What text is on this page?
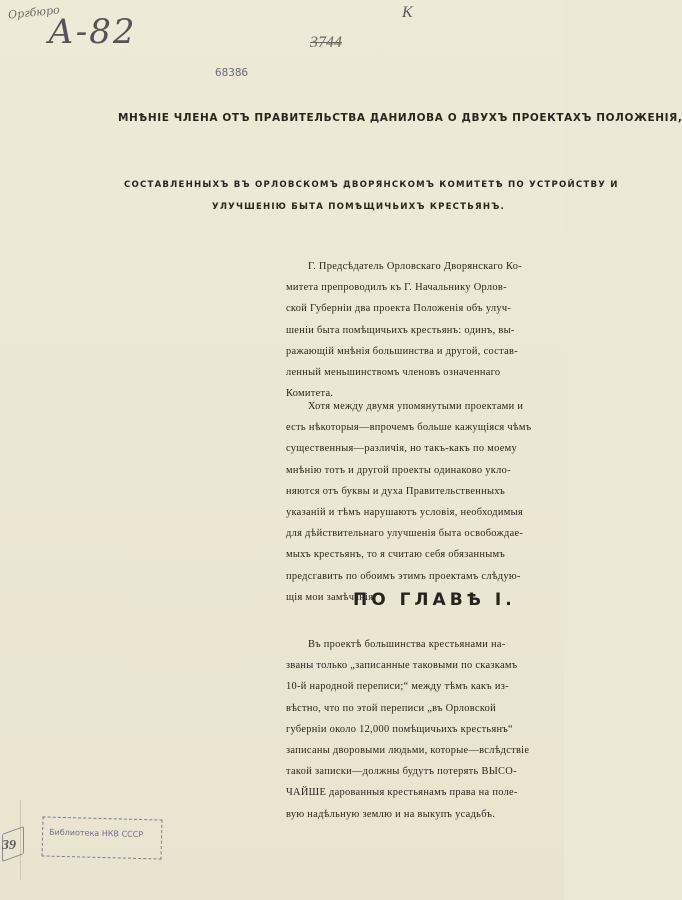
Оргбюро
А-82	К
3744
68386
МНѢНІЕ ЧЛЕНА ОТЪ ПРАВИТЕЛЬСТВА ДАНИЛОВА О ДВУХЪ ПРОЕКТАХЪ ПОЛОЖЕНІЯ,
СОСТАВЛЕННЫХЪ ВЪ ОРЛОВСКОМЪ ДВОРЯНСКОМЪ КОМИТЕТѢ ПО УСТРОЙСТВУ И
УЛУЧШЕНІЮ БЫТА ПОМѢЩИЧЬИХЪ КРЕСТЬЯНЪ.
Г. Предсѣдатель Орловскаго Дворянскаго Ко-
митета препроводилъ къ Г. Начальнику Орлов-
ской Губерніи два проекта Положенія объ улуч-
шеніи быта помѣщичьихъ крестьянъ: одинъ, вы-
ражающій мнѣнія большинства и другой, состав-
ленный меньшинствомъ членовъ означеннаго
Комитета.
Хотя между двумя упомянутыми проектами и
есть нѣкоторыя—впрочемъ больше кажущіяся чѣмъ
существенныя—различія, но такъ-какъ по моему
мнѣнію тотъ и другой проекты одинаково укло-
няются отъ буквы и духа Правительственныхъ
указаній и тѣмъ нарушаютъ условія, необходимыя
для дѣйствительнаго улучшенія быта освобождае-
мыхъ крестьянъ, то я считаю себя обязаннымъ
предсгавить по обоимъ этимъ проектамъ слѣдую-
щія мои замѣчанія:
ПО ГЛАВѢ I.
Въ проектѣ большинства крестьянами на-
званы только „записанные таковыми по сказкамъ
10-й народной переписи;“ между тѣмъ какъ из-
вѣстно, что по этой переписи „въ Орловской
губерніи около 12,000 помѣщичьихъ крестьянъ“
записаны дворовыми людьми, которые—вслѣдствіе
такой записки—должны будутъ потерять ВЫСО-
ЧАЙШЕ дарованныя крестьянамъ права на поле-
вую надѣльную землю и на выкупъ усадьбъ.
39
Библиотека НКВ СССР
